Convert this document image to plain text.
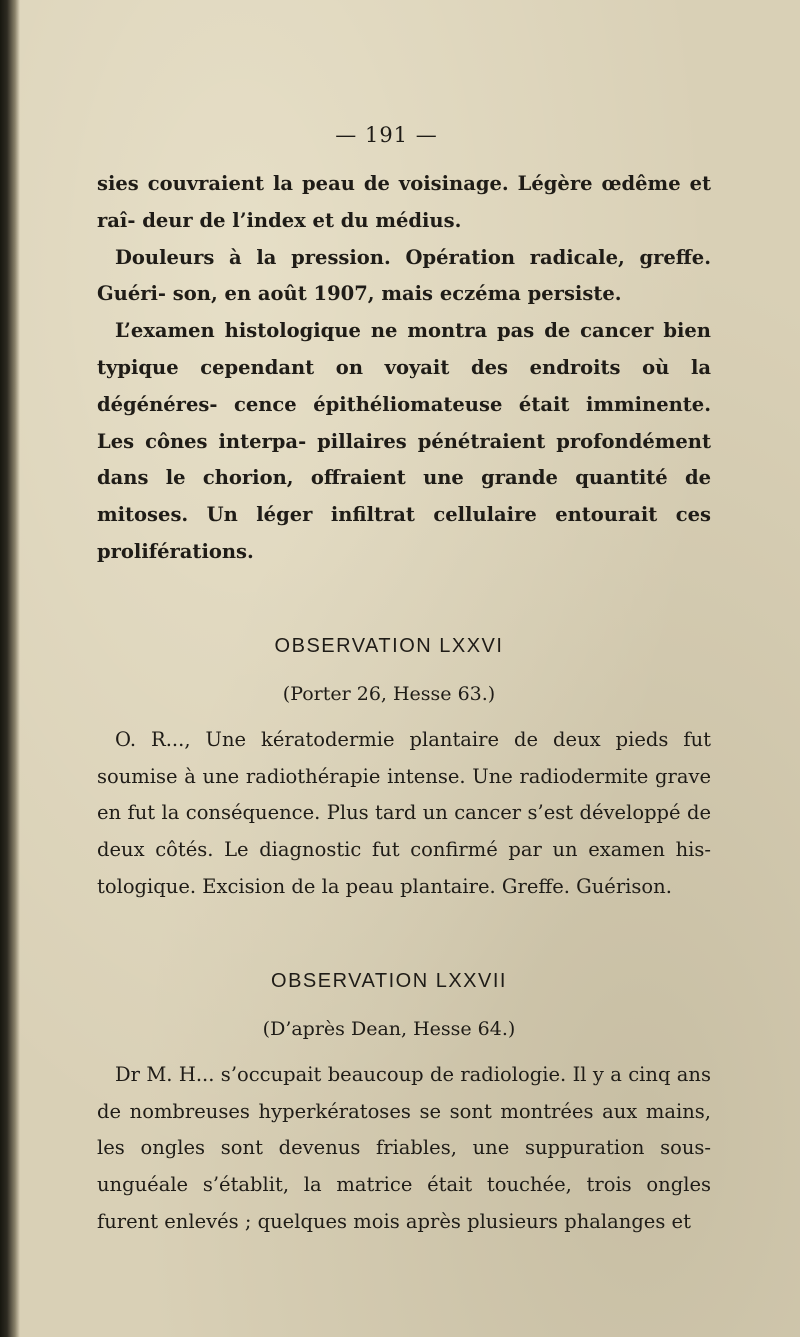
— 191 —

sies couvraient la peau de voisinage. Légère œdême et raî- deur de l’index et du médius.

Douleurs à la pression. Opération radicale, greffe. Guéri- son, en août 1907, mais eczéma persiste.

L’examen histologique ne montra pas de cancer bien typique cependant on voyait des endroits où la dégénéres- cence épithéliomateuse était imminente. Les cônes interpa- pillaires pénétraient profondément dans le chorion, offraient une grande quantité de mitoses. Un léger infiltrat cellulaire entourait ces proliférations.

OBSERVATION LXXVI
(Porter 26, Hesse 63.)

O. R..., Une kératodermie plantaire de deux pieds fut soumise à une radiothérapie intense. Une radiodermite grave en fut la conséquence. Plus tard un cancer s’est développé de deux côtés. Le diagnostic fut confirmé par un examen his- tologique. Excision de la peau plantaire. Greffe. Guérison.

OBSERVATION LXXVII
(D’après Dean, Hesse 64.)

Dr M. H... s’occupait beaucoup de radiologie. Il y a cinq ans de nombreuses hyperkératoses se sont montrées aux mains, les ongles sont devenus friables, une suppuration sous- unguéale s’établit, la matrice était touchée, trois ongles furent enlevés ; quelques mois après plusieurs phalanges et
